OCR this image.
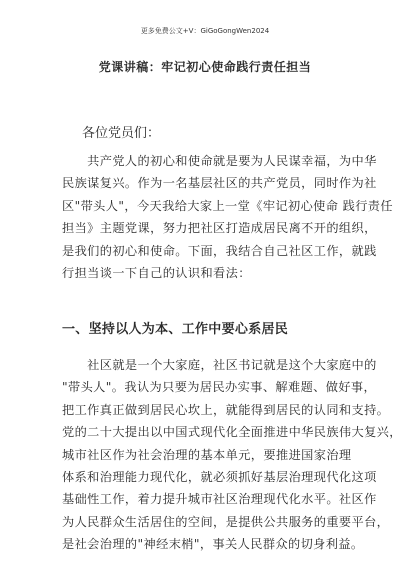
更多免费公文+V：GiGoGongWen2024
党课讲稿：牢记初心使命践行责任担当
各位党员们：
　　共产党人的初心和使命就是要为人民谋幸福，为中华
民族谋复兴。作为一名基层社区的共产党员，同时作为社
区"带头人"，今天我给大家上一堂《牢记初心使命 践行责任
担当》主题党课，努力把社区打造成居民离不开的组织，
是我们的初心和使命。下面，我结合自己社区工作，就践
行担当谈一下自己的认识和看法：
一、坚持以人为本、工作中要心系居民
　　社区就是一个大家庭，社区书记就是这个大家庭中的
"带头人"。我认为只要为居民办实事、解难题、做好事，
把工作真正做到居民心坎上，就能得到居民的认同和支持。
党的二十大提出以中国式现代化全面推进中华民族伟大复兴，
城市社区作为社会治理的基本单元，要推进国家治理
体系和治理能力现代化，就必须抓好基层治理现代化这项
基础性工作，着力提升城市社区治理现代化水平。社区作
为人民群众生活居住的空间，是提供公共服务的重要平台，
是社会治理的"神经末梢"，事关人民群众的切身利益。
